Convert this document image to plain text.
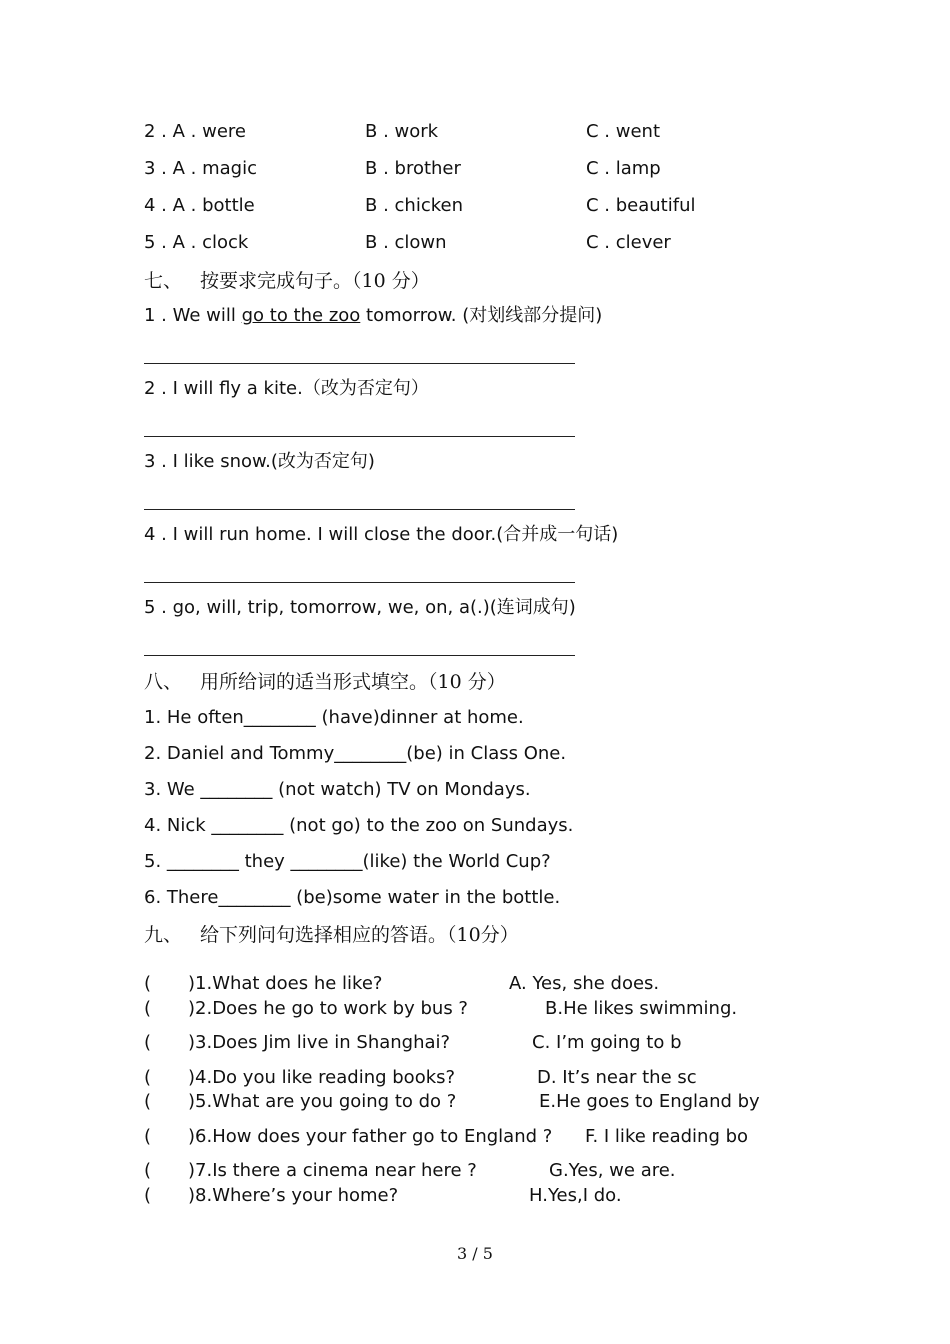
2 . A . were	B . work	C . went
3 . A . magic	B . brother	C . lamp
4 . A . bottle	B . chicken	C . beautiful
5 . A . clock	B . clown	C . clever
七、 按要求完成句子。（10 分）
1 . We will go to the zoo tomorrow. (对划线部分提问)
2 . I will fly a kite.（改为否定句）
3 . I like snow.(改为否定句)
4 . I will run home. I will close the door.(合并成一句话)
5 . go, will, trip, tomorrow, we, on, a(.)(连词成句)
八、 用所给词的适当形式填空。（10 分）
1. He often________ (have)dinner at home.
2. Daniel and Tommy________(be) in Class One.
3. We ________ (not watch) TV on Mondays.
4. Nick ________ (not go) to the zoo on Sundays.
5. ________ they ________(like) the World Cup?
6. There________ (be)some water in the bottle.
九、 给下列问句选择相应的答语。（10分）
( )1.What does he like?	A. Yes, she does.
( )2.Does he go to work by bus ?	B.He likes swimming.
( )3.Does Jim live in Shanghai?	C. I’m going to b
( )4.Do you like reading books?	D. It’s near the sc
( )5.What are you going to do ?	E.He goes to England by
( )6.How does your father go to England ? F. I like reading bo
( )7.Is there a cinema near here ?	G.Yes, we are.
( )8.Where’s your home?	H.Yes,I do.
3 / 5
